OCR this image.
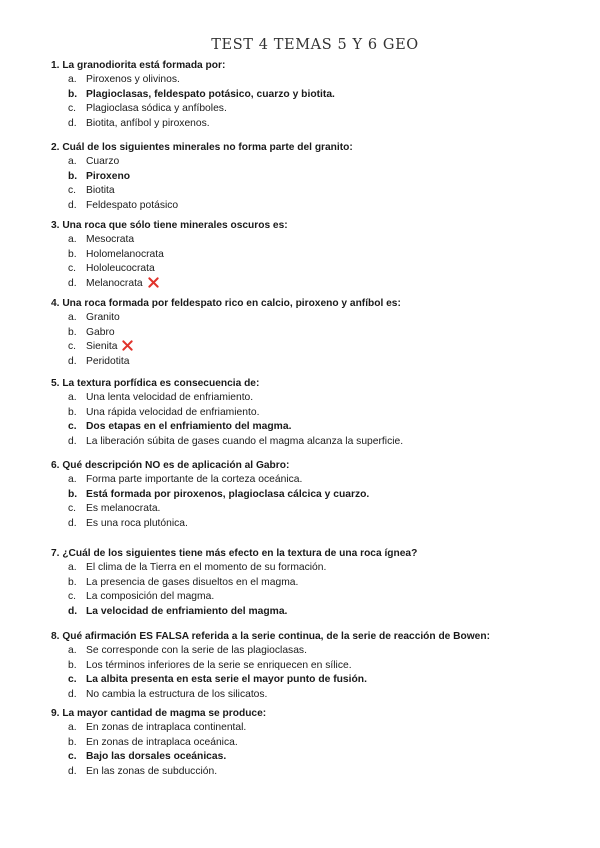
TEST 4 TEMAS 5 Y 6 GEO
1. La granodiorita está formada por:
a. Piroxenos y olivinos.
b. Plagioclasas, feldespato potásico, cuarzo y biotita.
c. Plagioclasa sódica y anfíboles.
d. Biotita, anfíbol y piroxenos.
2. Cuál de los siguientes minerales no forma parte del granito:
a. Cuarzo
b. Piroxeno
c. Biotita
d. Feldespato potásico
3. Una roca que sólo tiene minerales oscuros es:
a. Mesocrata
b. Holomelanocrata
c. Hololeucocrata
d. Melanocrata
4. Una roca formada por feldespato rico en calcio, piroxeno y anfíbol es:
a. Granito
b. Gabro
c. Sienita
d. Peridotita
5. La textura porfídica es consecuencia de:
a. Una lenta velocidad de enfriamiento.
b. Una rápida velocidad de enfriamiento.
c. Dos etapas en el enfriamiento del magma.
d. La liberación súbita de gases cuando el magma alcanza la superficie.
6. Qué descripción NO es de aplicación al Gabro:
a. Forma parte importante de la corteza oceánica.
b. Está formada por piroxenos, plagioclasa cálcica y cuarzo.
c. Es melanocrata.
d. Es una roca plutónica.
7. ¿Cuál de los siguientes tiene más efecto en la textura de una roca ígnea?
a. El clima de la Tierra en el momento de su formación.
b. La presencia de gases disueltos en el magma.
c. La composición del magma.
d. La velocidad de enfriamiento del magma.
8. Qué afirmación ES FALSA referida a la serie continua, de la serie de reacción de Bowen:
a. Se corresponde con la serie de las plagioclasas.
b. Los términos inferiores de la serie se enriquecen en sílice.
c. La albita presenta en esta serie el mayor punto de fusión.
d. No cambia la estructura de los silicatos.
9. La mayor cantidad de magma se produce:
a. En zonas de intraplaca continental.
b. En zonas de intraplaca oceánica.
c. Bajo las dorsales oceánicas.
d. En las zonas de subducción.
